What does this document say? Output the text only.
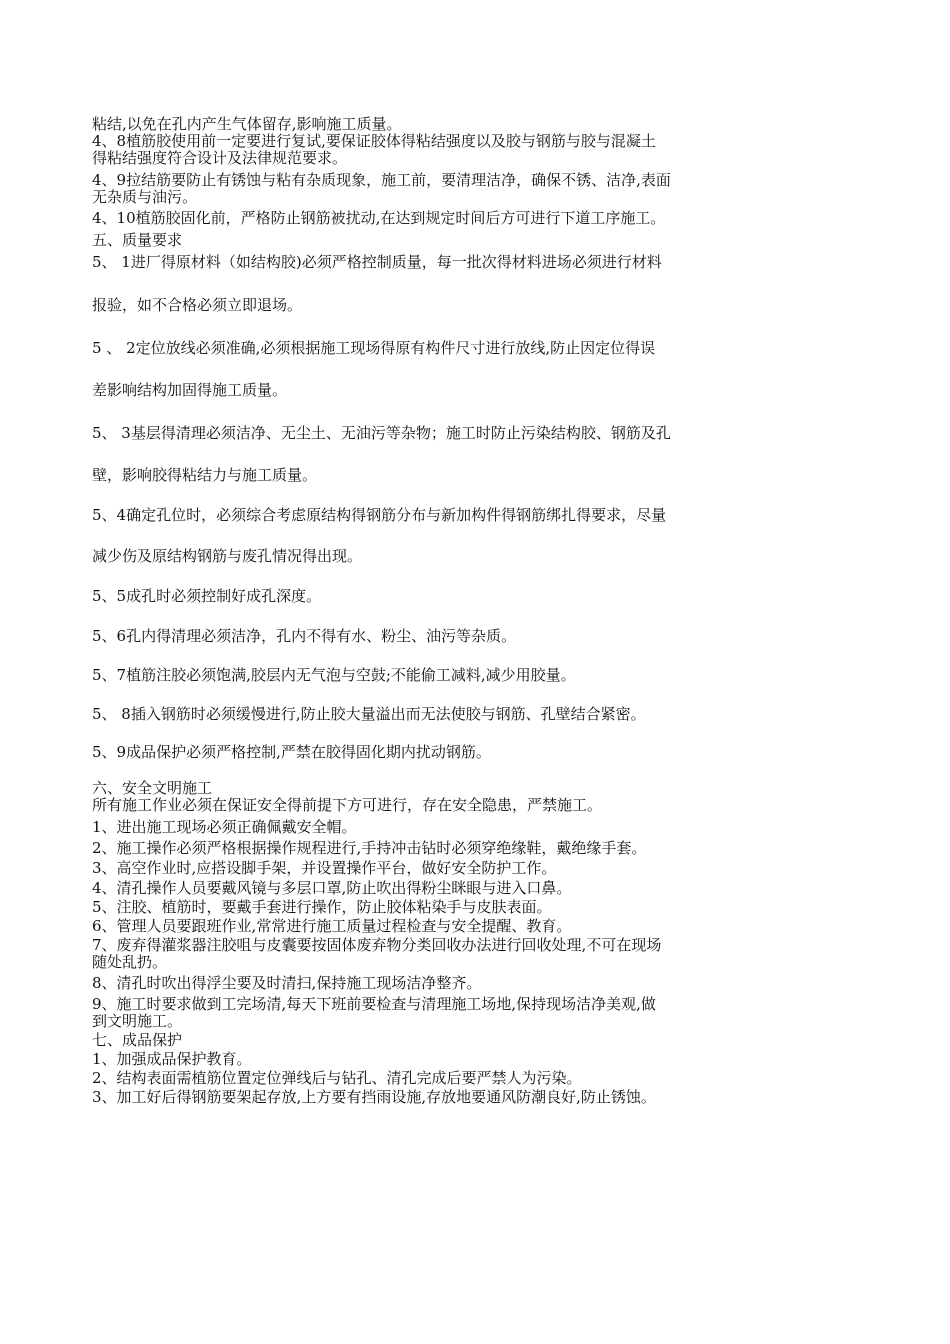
粘结,以免在孔内产生气体留存,影响施工质量。
4、8植筋胶使用前一定要进行复试,要保证胶体得粘结强度以及胶与钢筋与胶与混凝土
得粘结强度符合设计及法律规范要求。
4、9拉结筋要防止有锈蚀与粘有杂质现象，施工前，要清理洁净，确保不锈、洁净,表面
无杂质与油污。
4、10植筋胶固化前，严格防止钢筋被扰动,在达到规定时间后方可进行下道工序施工。
五、质量要求
5、 1进厂得原材料（如结构胶)必须严格控制质量，每一批次得材料进场必须进行材料
报验，如不合格必须立即退场。
5 、 2定位放线必须准确,必须根据施工现场得原有构件尺寸进行放线,防止因定位得误
差影响结构加固得施工质量。
5、 3基层得清理必须洁净、无尘土、无油污等杂物；施工时防止污染结构胶、钢筋及孔
壁，影响胶得粘结力与施工质量。
5、4确定孔位时，必须综合考虑原结构得钢筋分布与新加构件得钢筋绑扎得要求，尽量
减少伤及原结构钢筋与废孔情况得出现。
5、5成孔时必须控制好成孔深度。
5、6孔内得清理必须洁净，孔内不得有水、粉尘、油污等杂质。
5、7植筋注胶必须饱满,胶层内无气泡与空鼓;不能偷工减料,减少用胶量。
5、 8插入钢筋时必须缓慢进行,防止胶大量溢出而无法使胶与钢筋、孔壁结合紧密。
5、9成品保护必须严格控制,严禁在胶得固化期内扰动钢筋。
六、安全文明施工
所有施工作业必须在保证安全得前提下方可进行，存在安全隐患，严禁施工。
1、进出施工现场必须正确佩戴安全帽。
2、施工操作必须严格根据操作规程进行,手持冲击钻时必须穿绝缘鞋，戴绝缘手套。
3、高空作业时,应搭设脚手架，并设置操作平台，做好安全防护工作。
4、清孔操作人员要戴风镜与多层口罩,防止吹出得粉尘眯眼与进入口鼻。
5、注胶、植筋时，要戴手套进行操作，防止胶体粘染手与皮肤表面。
6、管理人员要跟班作业,常常进行施工质量过程检查与安全提醒、教育。
7、废弃得灌浆器注胶咀与皮囊要按固体废弃物分类回收办法进行回收处理,不可在现场
随处乱扔。
8、清孔时吹出得浮尘要及时清扫,保持施工现场洁净整齐。
9、施工时要求做到工完场清,每天下班前要检查与清理施工场地,保持现场洁净美观,做
到文明施工。
七、成品保护
1、加强成品保护教育。
2、结构表面需植筋位置定位弹线后与钻孔、清孔完成后要严禁人为污染。
3、加工好后得钢筋要架起存放,上方要有挡雨设施,存放地要通风防潮良好,防止锈蚀。
